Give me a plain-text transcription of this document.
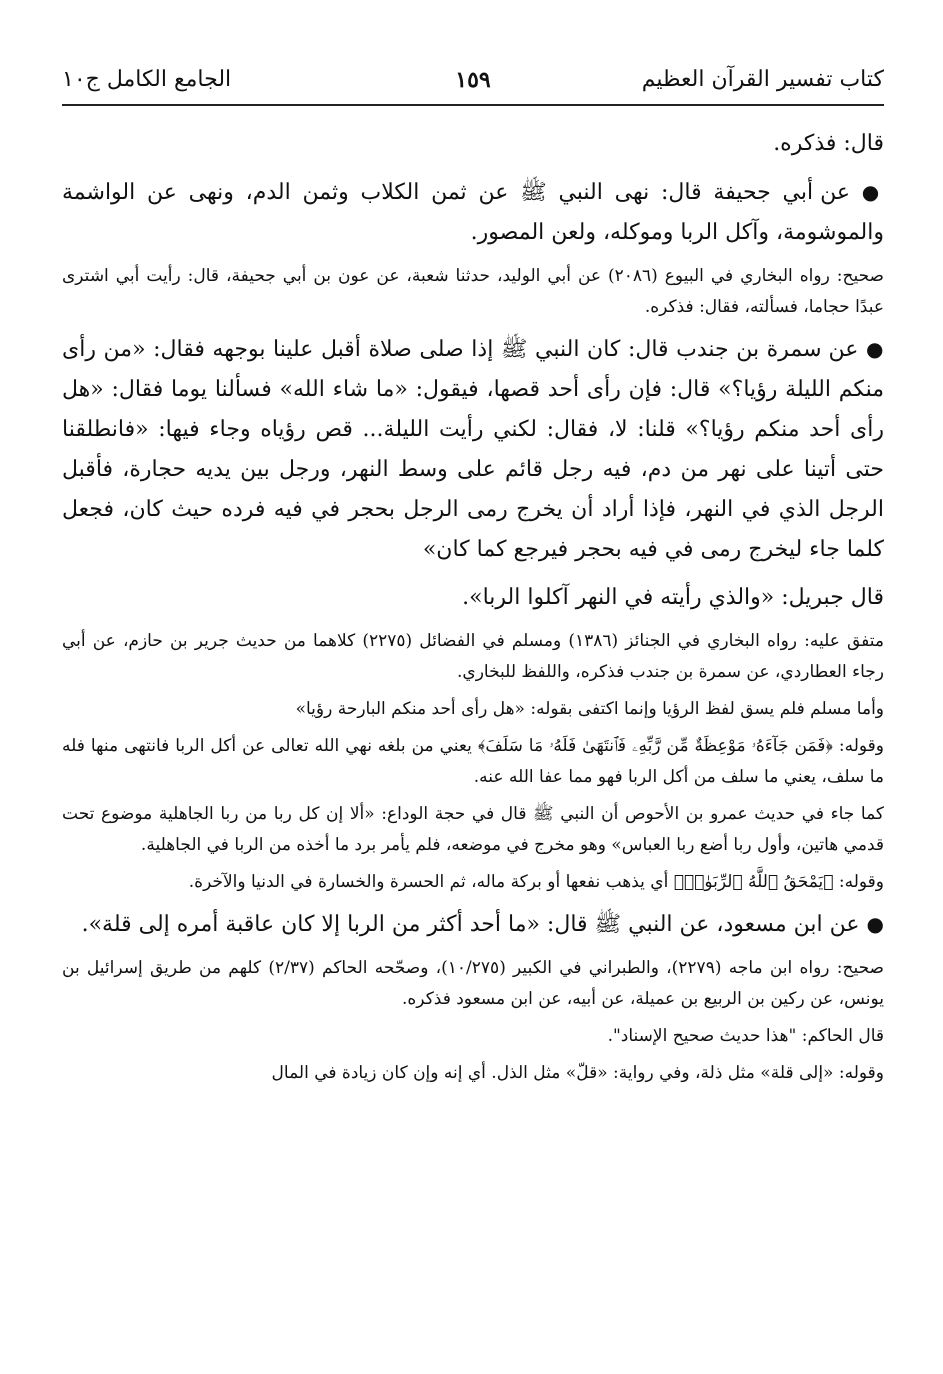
كتاب تفسير القرآن العظيم
١٥٩
الجامع الكامل ج١٠

قال: فذكره.

● عن أبي جحيفة قال: نهى النبي ﷺ عن ثمن الكلاب وثمن الدم، ونهى عن الواشمة والموشومة، وآكل الربا وموكله، ولعن المصور.

صحيح: رواه البخاري في البيوع (٢٠٨٦) عن أبي الوليد، حدثنا شعبة، عن عون بن أبي جحيفة، قال: رأيت أبي اشترى عبدًا حجاما، فسألته، فقال: فذكره.

● عن سمرة بن جندب قال: كان النبي ﷺ إذا صلى صلاة أقبل علينا بوجهه فقال: «من رأى منكم الليلة رؤيا؟» قال: فإن رأى أحد قصها، فيقول: «ما شاء الله» فسألنا يوما فقال: «هل رأى أحد منكم رؤيا؟» قلنا: لا، فقال: لكني رأيت الليلة... قص رؤياه وجاء فيها: «فانطلقنا حتى أتينا على نهر من دم، فيه رجل قائم على وسط النهر، ورجل بين يديه حجارة، فأقبل الرجل الذي في النهر، فإذا أراد أن يخرج رمى الرجل بحجر في فيه فرده حيث كان، فجعل كلما جاء ليخرج رمى في فيه بحجر فيرجع كما كان»

قال جبريل: «والذي رأيته في النهر آكلوا الربا».

متفق عليه: رواه البخاري في الجنائز (١٣٨٦) ومسلم في الفضائل (٢٢٧٥) كلاهما من حديث جرير بن حازم، عن أبي رجاء العطاردي، عن سمرة بن جندب فذكره، واللفظ للبخاري.

وأما مسلم فلم يسق لفظ الرؤيا وإنما اكتفى بقوله: «هل رأى أحد منكم البارحة رؤيا»

وقوله: ﴿فَمَن جَآءَهُۥ مَوْعِظَةٌ مِّن رَّبِّهِۦ فَٱنتَهَىٰ فَلَهُۥ مَا سَلَفَ﴾ يعني من بلغه نهي الله تعالى عن أكل الربا فانتهى منها فله ما سلف، يعني ما سلف من أكل الربا فهو مما عفا الله عنه.

كما جاء في حديث عمرو بن الأحوص أن النبي ﷺ قال في حجة الوداع: «ألا إن كل ربا من ربا الجاهلية موضوع تحت قدمي هاتين، وأول ربا أضع ربا العباس» وهو مخرج في موضعه، فلم يأمر برد ما أخذه من الربا في الجاهلية.

وقوله: ﴿يَمْحَقُ ٱللَّهُ ٱلرِّبَوٰا۟﴾ أي يذهب نفعها أو بركة ماله، ثم الحسرة والخسارة في الدنيا والآخرة.

● عن ابن مسعود، عن النبي ﷺ قال: «ما أحد أكثر من الربا إلا كان عاقبة أمره إلى قلة».

صحيح: رواه ابن ماجه (٢٢٧٩)، والطبراني في الكبير (١٠/٢٧٥)، وصحّحه الحاكم (٢/٣٧) كلهم من طريق إسرائيل بن يونس، عن ركين بن الربيع بن عميلة، عن أبيه، عن ابن مسعود فذكره.

قال الحاكم: "هذا حديث صحيح الإسناد".

وقوله: «إلى قلة» مثل ذلة، وفي رواية: «قلّ» مثل الذل. أي إنه وإن كان زيادة في المال
